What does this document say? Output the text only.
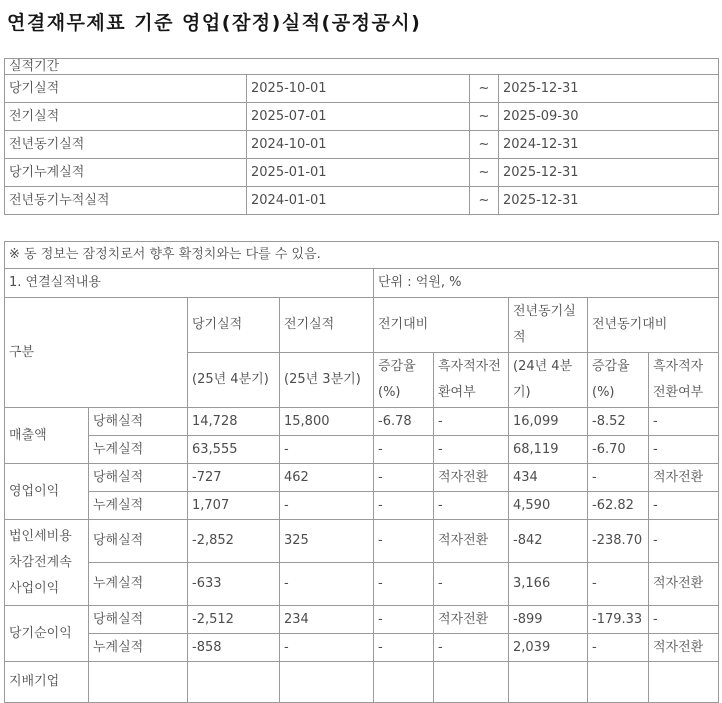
연결재무제표 기준 영업(잠정)실적(공정공시)
실적기간			
당기실적	2025-10-01	~	2025-12-31
전기실적	2025-07-01	~	2025-09-30
전년동기실적	2024-10-01	~	2024-12-31
당기누계실적	2025-01-01	~	2025-12-31
전년동기누적실적	2024-01-01	~	2025-12-31
※ 동 정보는 잠정치로서 향후 확정치와는 다를 수 있음.								
1. 연결실적내용				단위 : 억원, %				
구분		당기실적	전기실적	전기대비		전년동기실적	전년동기대비	
		(25년 4분기)	(25년 3분기)	증감율(%)	흑자적자전환여부	(24년 4분기)	증감율(%)	흑자적자전환여부
매출액	당해실적	14,728	15,800	-6.78	-	16,099	-8.52	-
	누계실적	63,555	-	-	-	68,119	-6.70	-
영업이익	당해실적	-727	462	-	적자전환	434	-	적자전환
	누계실적	1,707	-	-	-	4,590	-62.82	-
법인세비용차감전계속사업이익	당해실적	-2,852	325	-	적자전환	-842	-238.70	-
	누계실적	-633	-	-	-	3,166	-	적자전환
당기순이익	당해실적	-2,512	234	-	적자전환	-899	-179.33	-
	누계실적	-858	-	-	-	2,039	-	적자전환
지배기업								
